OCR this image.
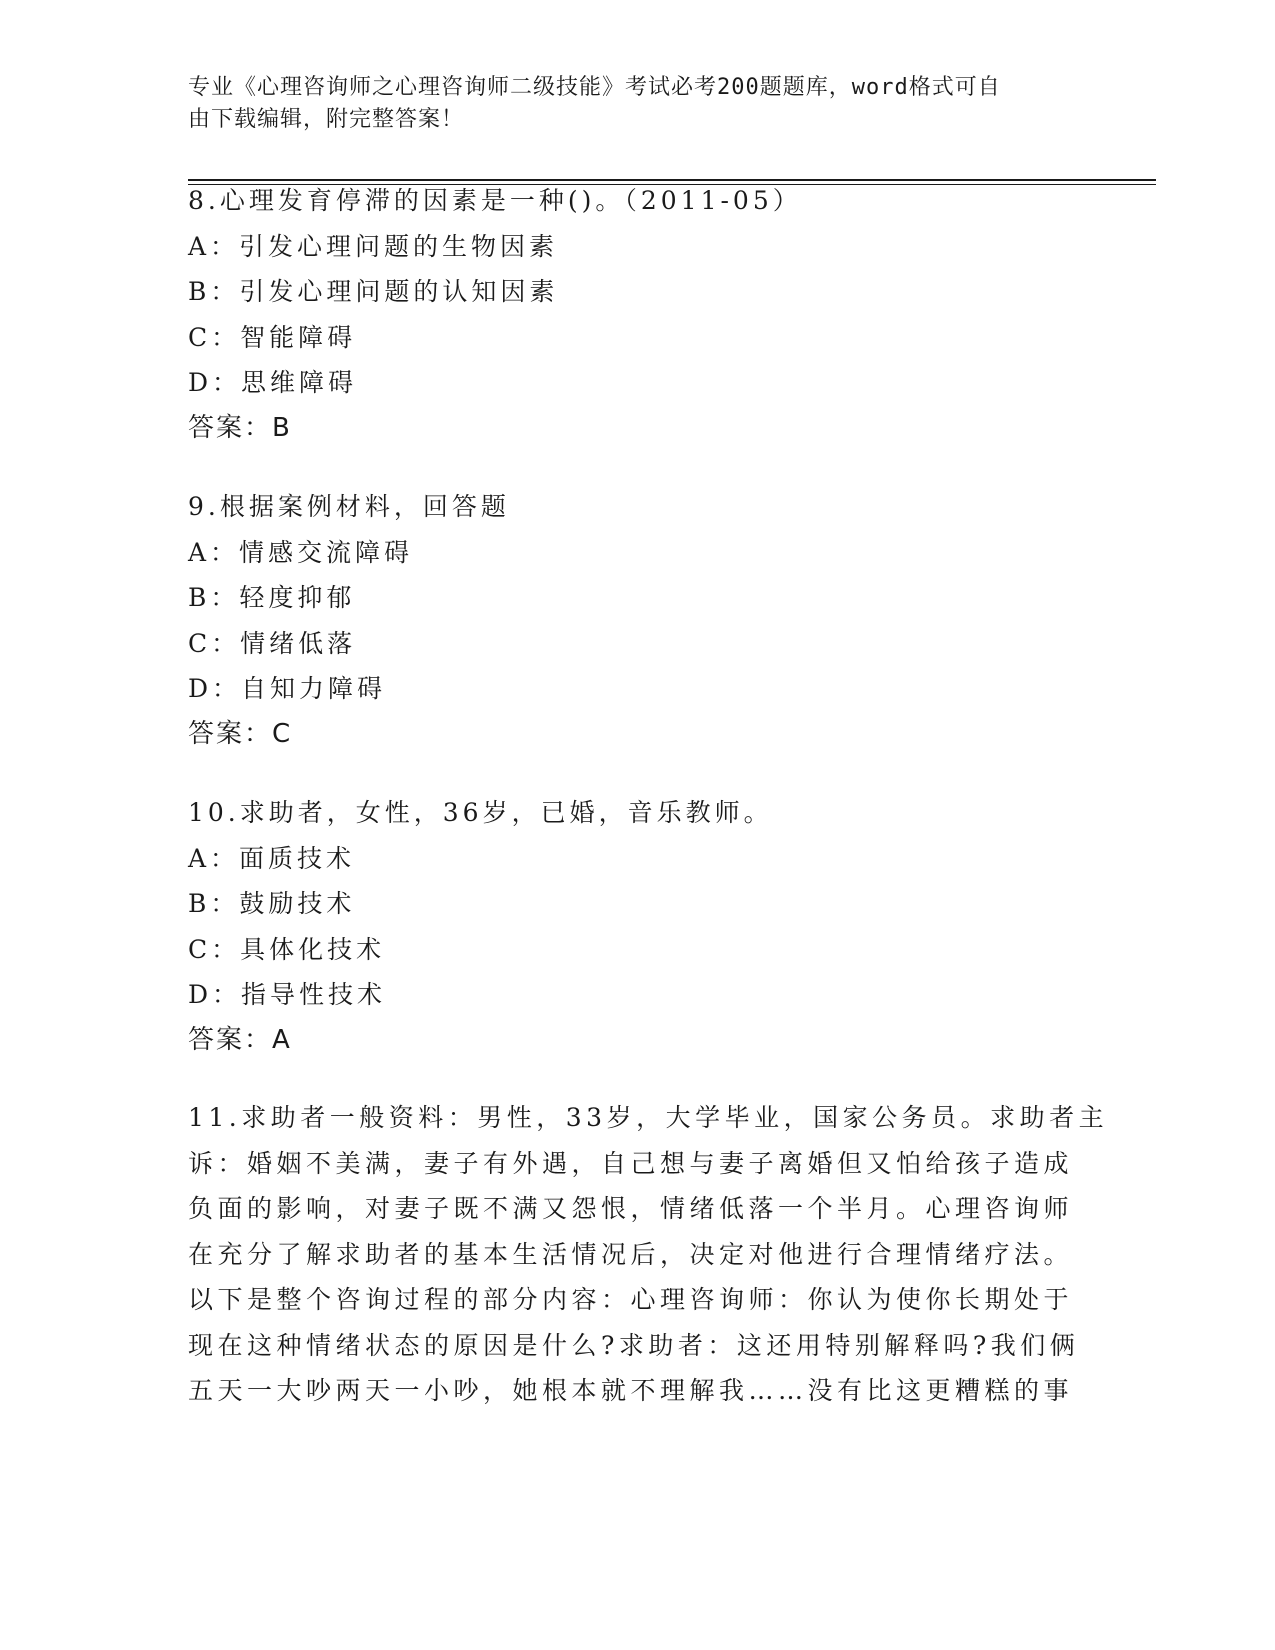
专业《心理咨询师之心理咨询师二级技能》考试必考200题题库，word格式可自
由下载编辑，附完整答案！
8.心理发育停滞的因素是一种()。（2011-05）
A：引发心理问题的生物因素
B：引发心理问题的认知因素
C：智能障碍
D：思维障碍
答案：B
9.根据案例材料，回答题
A：情感交流障碍
B：轻度抑郁
C：情绪低落
D：自知力障碍
答案：C
10.求助者，女性，36岁，已婚，音乐教师。
A：面质技术
B：鼓励技术
C：具体化技术
D：指导性技术
答案：A
11.求助者一般资料：男性，33岁，大学毕业，国家公务员。求助者主
诉：婚姻不美满，妻子有外遇，自己想与妻子离婚但又怕给孩子造成
负面的影响，对妻子既不满又怨恨，情绪低落一个半月。心理咨询师
在充分了解求助者的基本生活情况后，决定对他进行合理情绪疗法。
以下是整个咨询过程的部分内容：心理咨询师：你认为使你长期处于
现在这种情绪状态的原因是什么?求助者：这还用特别解释吗?我们俩
五天一大吵两天一小吵，她根本就不理解我……没有比这更糟糕的事
